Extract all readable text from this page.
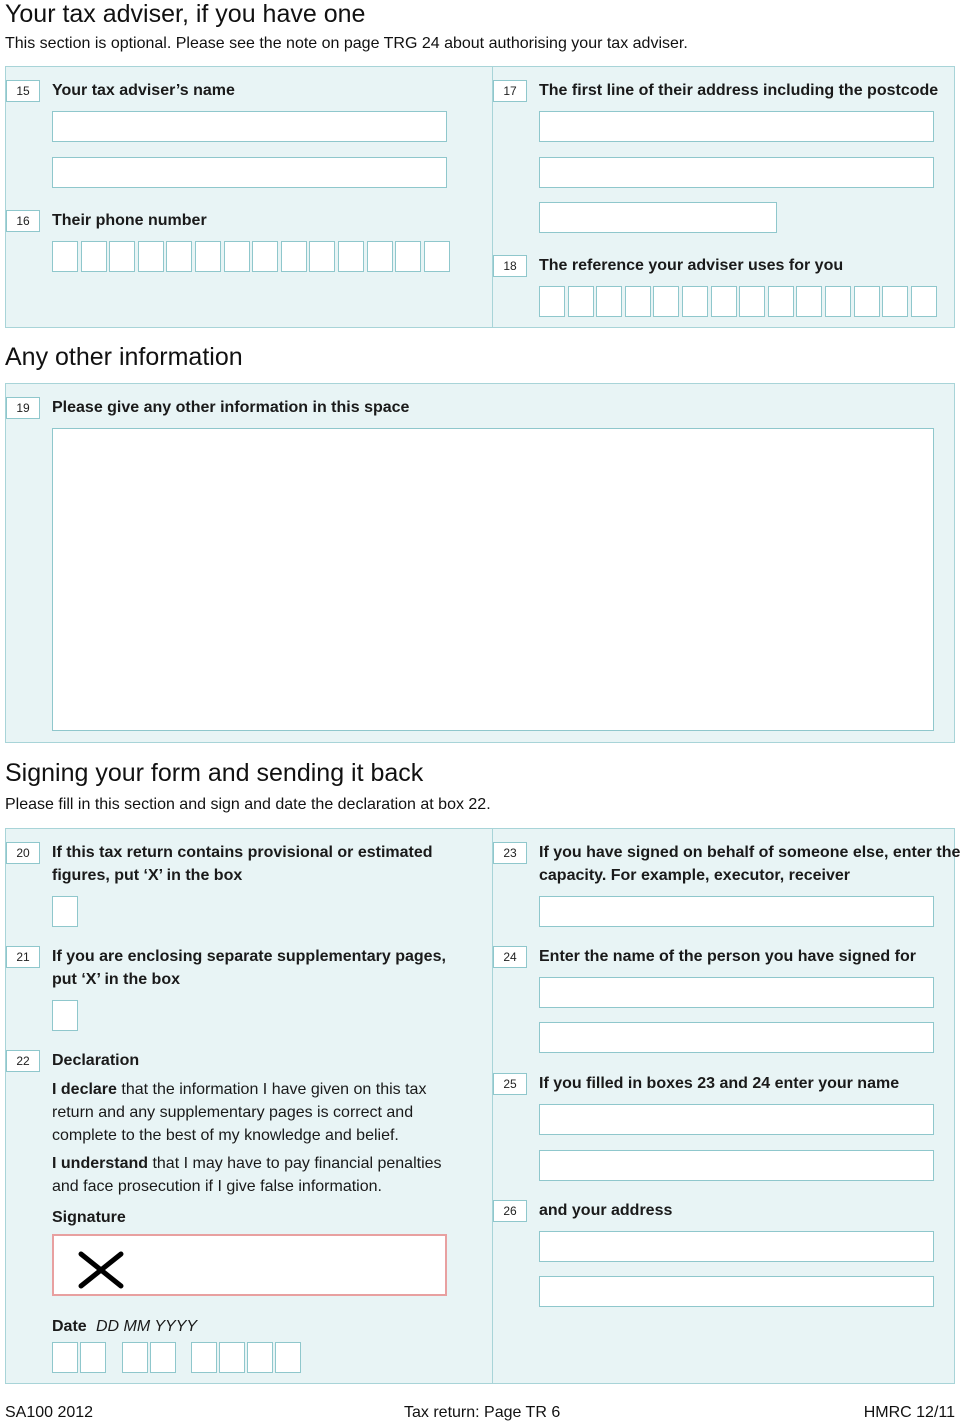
Your tax adviser, if you have one
This section is optional. Please see the note on page TRG 24 about authorising your tax adviser.
15	Your tax adviser’s name
16	Their phone number
17	The first line of their address including the postcode
18	The reference your adviser uses for you
Any other information
19	Please give any other information in this space
Signing your form and sending it back
Please fill in this section and sign and date the declaration at box 22.
20	If this tax return contains provisional or estimated
figures, put ‘X’ in the box
21	If you are enclosing separate supplementary pages,
put ‘X’ in the box
22	Declaration
I declare that the information I have given on this tax
return and any supplementary pages is correct and
complete to the best of my knowledge and belief.
I understand that I may have to pay financial penalties
and face prosecution if I give false information.
Signature
Date DD MM YYYY
23	If you have signed on behalf of someone else, enter the
capacity. For example, executor, receiver
24	Enter the name of the person you have signed for
25	If you filled in boxes 23 and 24 enter your name
26	and your address
SA100 2012	Tax return: Page TR 6	HMRC 12/11
